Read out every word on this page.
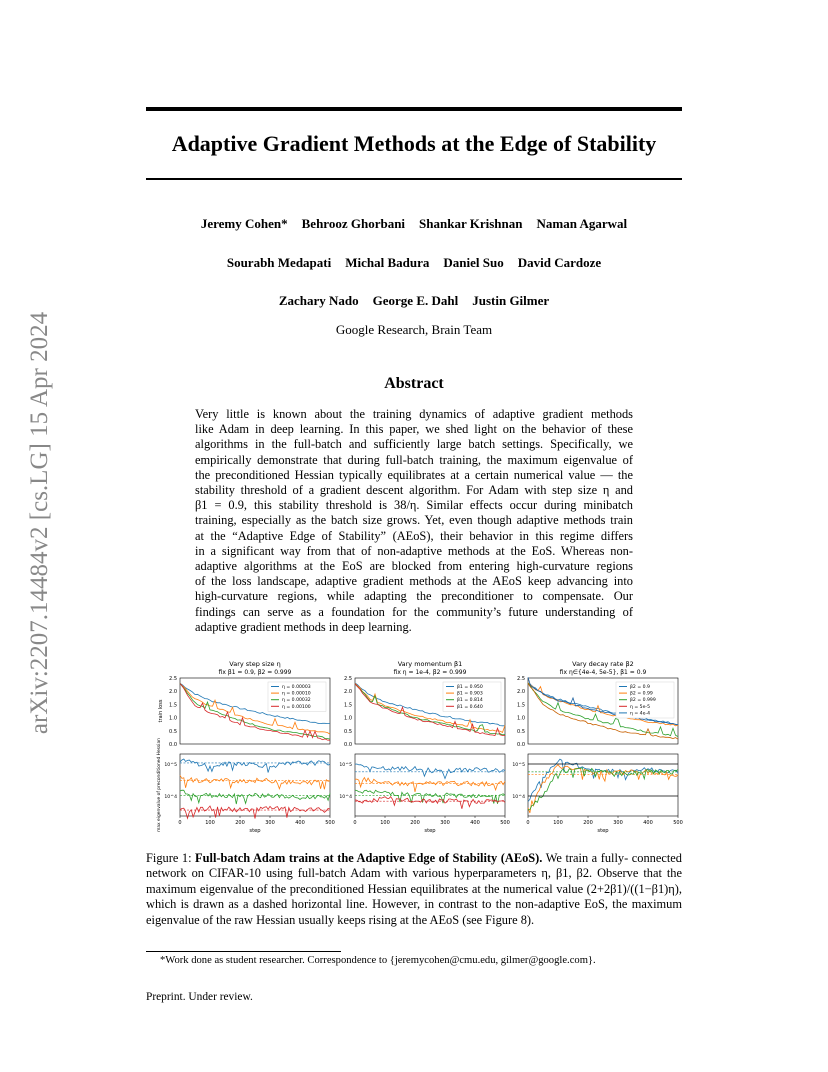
arXiv:2207.14484v2 [cs.LG] 15 Apr 2024
Adaptive Gradient Methods at the Edge of Stability
Jeremy Cohen* Behrooz Ghorbani Shankar Krishnan Naman Agarwal
Sourabh Medapati Michal Badura Daniel Suo David Cardoze
Zachary Nado George E. Dahl Justin Gilmer
Google Research, Brain Team
Abstract
Very little is known about the training dynamics of adaptive gradient methods
like Adam in deep learning. In this paper, we shed light on the behavior of these
algorithms in the full-batch and sufficiently large batch settings. Specifically, we
empirically demonstrate that during full-batch training, the maximum eigenvalue of
the preconditioned Hessian typically equilibrates at a certain numerical value — the
stability threshold of a gradient descent algorithm. For Adam with step size η and
β1 = 0.9, this stability threshold is 38/η. Similar effects occur during minibatch
training, especially as the batch size grows. Yet, even though adaptive methods train
at the “Adaptive Edge of Stability” (AEoS), their behavior in this regime differs
in a significant way from that of non-adaptive methods at the EoS. Whereas non-
adaptive algorithms at the EoS are blocked from entering high-curvature regions
of the loss landscape, adaptive gradient methods at the AEoS keep advancing into
high-curvature regions, while adapting the preconditioner to compensate. Our
findings can serve as a foundation for the community’s future understanding of
adaptive gradient methods in deep learning.
Vary step size η
fix β1 = 0.9, β2 = 0.999
0.0
0.5
1.0
1.5
2.0
2.5
train loss
η = 0.00003
η = 0.00010
η = 0.00032
η = 0.00100
Vary momentum β1
fix η = 1e-4, β2 = 0.999
0.0
0.5
1.0
1.5
2.0
2.5
β1 = 0.950
β1 = 0.903
β1 = 0.814
β1 = 0.640
Vary decay rate β2
fix η∈{4e-4, 5e-5}, β1 = 0.9
0.0
0.5
1.0
1.5
2.0
2.5
β2 = 0.9
β2 = 0.99
β2 = 0.999
η = 5e-5
η = 4e-4
10^5
10^4
max eigenvalue of preconditioned Hessian	0	100	200	300	400	500
step
10^5
10^4
0	100	200	300	400	500
step
10^5
10^4
0	100	200	300	400	500
step
Figure 1: Full-batch Adam trains at the Adaptive Edge of Stability (AEoS). We train a fully- connected network on CIFAR-10 using full-batch Adam with various hyperparameters η, β1, β2. Observe that the maximum eigenvalue of the preconditioned Hessian equilibrates at the numerical value (2+2β1)/((1−β1)η), which is drawn as a dashed horizontal line. However, in contrast to the non-adaptive EoS, the maximum eigenvalue of the raw Hessian usually keeps rising at the AEoS (see Figure 8).
*Work done as student researcher. Correspondence to {jeremycohen@cmu.edu, gilmer@google.com}.
Preprint. Under review.
